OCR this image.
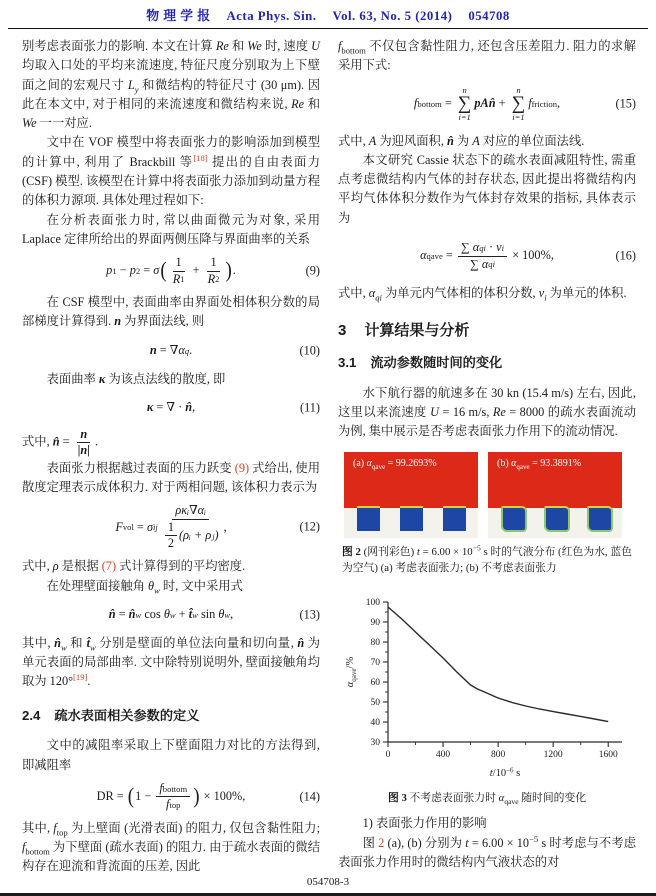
物 理 学 报 Acta Phys. Sin. Vol. 63, No. 5 (2014) 054708

别考虑表面张力的影响. 本文在计算 Re 和 We 时, 速度 U 均取入口处的平均来流速度, 特征尺度分别取为上下壁面之间的宏观尺寸 $L_y$ 和微结构的特征尺寸 (30 μm). 因此在本文中, 对于相同的来流速度和微结构来说, Re 和 We 一一对应.

文中在 VOF 模型中将表面张力的影响添加到模型的计算中, 利用了 Brackbill 等[18] 提出的自由表面力 (CSF) 模型. 该模型在计算中将表面张力添加到动量方程的体积力源项. 具体处理过程如下:

在分析表面张力时, 常以曲面微元为对象, 采用 Laplace 定律所给出的界面两侧压降与界面曲率的关系

p 1 − p 2 = σ ( $\frac{1}{R 1} + \frac{1}{R 2}$ ) .	(9)

在 CSF 模型中, 表面曲率由界面处相体积分数的局部梯度计算得到. n 为界面法线, 则

n = ∇ α q .	(10)

表面曲率 κ 为该点法线的散度, 即

κ = ∇ · n̂ ,	(11)

式中, n̂ = $\frac{n}{|n|}$ .

表面张力根据越过表面的压力跃变 (9) 式给出, 使用散度定理表示成体积力. 对于两相问题, 该体积力表示为

F vol = σ ij $\frac{\text{ρκᵢ∇αᵢ}}{\frac{1}{2} (\rho ᵢ + \rho ⱼ)}$ ,	(12)

式中, ρ 是根据 (7) 式计算得到的平均密度.

在处理壁面接触角 $\theta_w$ 时, 文中采用式

n̂ = n̂ w cos θ w + t̂ w sin θ w ,	(13)

其中, $n̂_w$ 和 $t̂_w$ 分别是壁面的单位法向量和切向量, n̂ 为单元表面的局部曲率. 文中除特别说明外, 壁面接触角均取为 120°[19].

2.4 疏水表面相关参数的定义

文中的减阻率采取上下壁面阻力对比的方法得到, 即减阻率

DR = ( $1 - \frac{\text{f bottom}}{\text{f top}}$ ) × 100%,	(14)

其中, $f_{top}$ 为上壁面 (光滑表面) 的阻力, 仅包含黏性阻力; $f_{bottom}$ 为下壁面 (疏水表面) 的阻力. 由于疏水表面的微结构存在迎流和背流面的压差, 因此

$f_{bottom}$ 不仅包含黏性阻力, 还包含压差阻力. 阻力的求解采用下式:

f bottom =
n
∑
i=1
pAn̂ +
n
∑
i=1
f friction ,	(15)

式中, A 为迎风面积, n̂ 为 A 对应的单位面法线.

本文研究 Cassie 状态下的疏水表面减阻特性, 需重点考虑微结构内气体的封存状态, 因此提出将微结构内平均气体体积分数作为气体封存效果的指标, 具体表示为

α qave = $\frac{\text{∑ α qi · v i}}{\text{∑ α qi}} \times 100\%$,	(16)

式中, $\alpha_{qi}$ 为单元内气体相的体积分数, $v_i$ 为单元的体积.

3 计算结果与分析
3.1 流动参数随时间的变化

水下航行器的航速多在 30 kn (15.4 m/s) 左右, 因此, 这里以来流速度 U = 16 m/s, Re = 8000 的疏水表面流动为例, 集中展示是否考虑表面张力作用下的流动情况.

(a) $\alpha_{qave} = 99.2693\%$	(b) $\alpha_{qave} = 93.3891\%$
图 2 (网刊彩色) $t = 6.00 \times 10^{-5}$ s 时的气液分布 (红色为水, 蓝色为空气) (a) 考虑表面张力; (b) 不考虑表面张力
30
40
50
60
70
80
90
100
0	400	800	1200	1600
$t/10^{-6}$ s
$\alpha_{qave}/\%$
图 3 不考虑表面张力时 $\alpha_{qave}$ 随时间的变化

1) 表面张力作用的影响

图 2 (a), (b) 分别为 $t = 6.00 \times 10^{-5}$ s 时考虑与不考虑表面张力作用时的微结构内气液状态的对

054708-3
